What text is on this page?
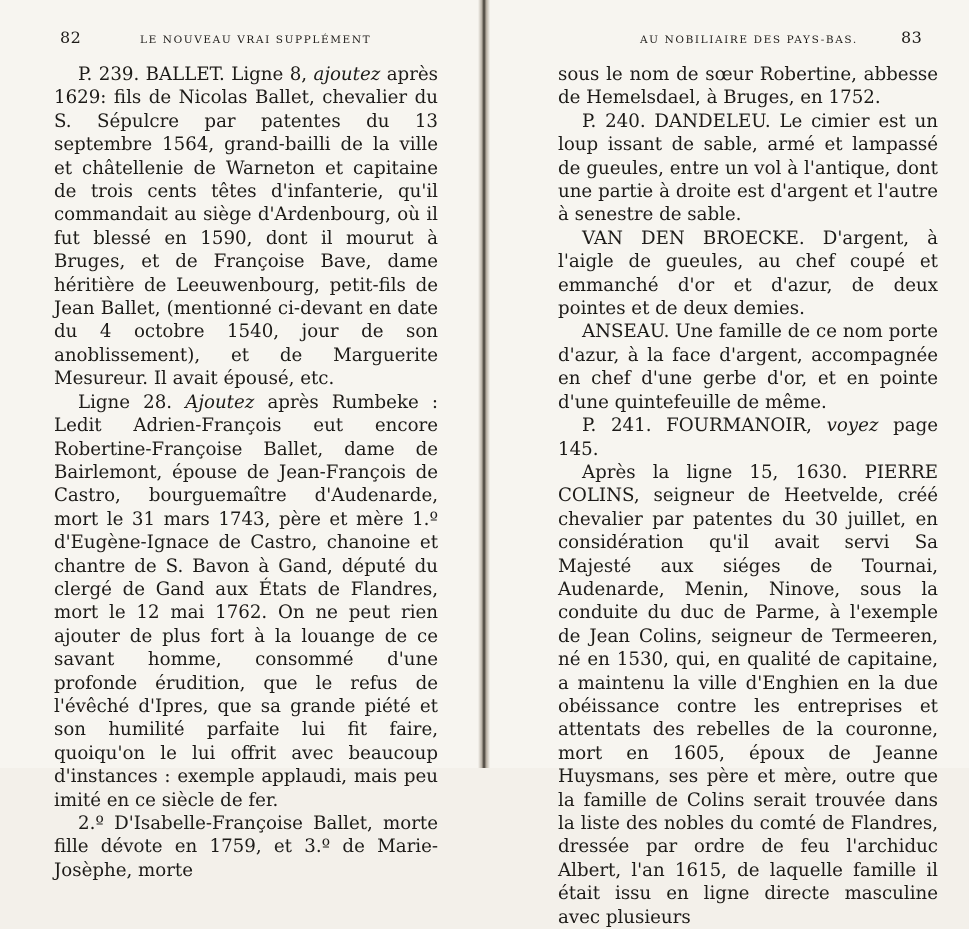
82	LE NOUVEAU VRAI SUPPLÉMENT

P. 239. BALLET. Ligne 8, ajoutez après 1629: fils de Nicolas Ballet, chevalier du S. Sépulcre par patentes du 13 septembre 1564, grand-bailli de la ville et châtellenie de Warneton et capitaine de trois cents têtes d'infanterie, qu'il commandait au siège d'Ardenbourg, où il fut blessé en 1590, dont il mourut à Bruges, et de Françoise Bave, dame héritière de Leeuwenbourg, petit-fils de Jean Ballet, (mentionné ci-devant en date du 4 octobre 1540, jour de son anoblissement), et de Marguerite Mesureur. Il avait épousé, etc.

Ligne 28. Ajoutez après Rumbeke : Ledit Adrien-François eut encore Robertine-Françoise Ballet, dame de Bairlemont, épouse de Jean-François de Castro, bourguemaître d'Audenarde, mort le 31 mars 1743, père et mère 1.º d'Eugène-Ignace de Castro, chanoine et chantre de S. Bavon à Gand, député du clergé de Gand aux États de Flandres, mort le 12 mai 1762. On ne peut rien ajouter de plus fort à la louange de ce savant homme, consommé d'une profonde érudition, que le refus de l'évêché d'Ipres, que sa grande piété et son humilité parfaite lui fit faire, quoiqu'on le lui offrit avec beaucoup d'instances : exemple applaudi, mais peu imité en ce siècle de fer.

2.º D'Isabelle-Françoise Ballet, morte fille dévote en 1759, et 3.º de Marie-Josèphe, morte

AU NOBILIAIRE DES PAYS-BAS.	83

sous le nom de sœur Robertine, abbesse de Hemelsdael, à Bruges, en 1752.

P. 240. DANDELEU. Le cimier est un loup issant de sable, armé et lampassé de gueules, entre un vol à l'antique, dont une partie à droite est d'argent et l'autre à senestre de sable.

VAN DEN BROECKE. D'argent, à l'aigle de gueules, au chef coupé et emmanché d'or et d'azur, de deux pointes et de deux demies.

ANSEAU. Une famille de ce nom porte d'azur, à la face d'argent, accompagnée en chef d'une gerbe d'or, et en pointe d'une quintefeuille de même.

P. 241. FOURMANOIR, voyez page 145.

Après la ligne 15, 1630. PIERRE COLINS, seigneur de Heetvelde, créé chevalier par patentes du 30 juillet, en considération qu'il avait servi Sa Majesté aux siéges de Tournai, Audenarde, Menin, Ninove, sous la conduite du duc de Parme, à l'exemple de Jean Colins, seigneur de Termeeren, né en 1530, qui, en qualité de capitaine, a maintenu la ville d'Enghien en la due obéissance contre les entreprises et attentats des rebelles de la couronne, mort en 1605, époux de Jeanne Huysmans, ses père et mère, outre que la famille de Colins serait trouvée dans la liste des nobles du comté de Flandres, dressée par ordre de feu l'archiduc Albert, l'an 1615, de laquelle famille il était issu en ligne directe masculine avec plusieurs
